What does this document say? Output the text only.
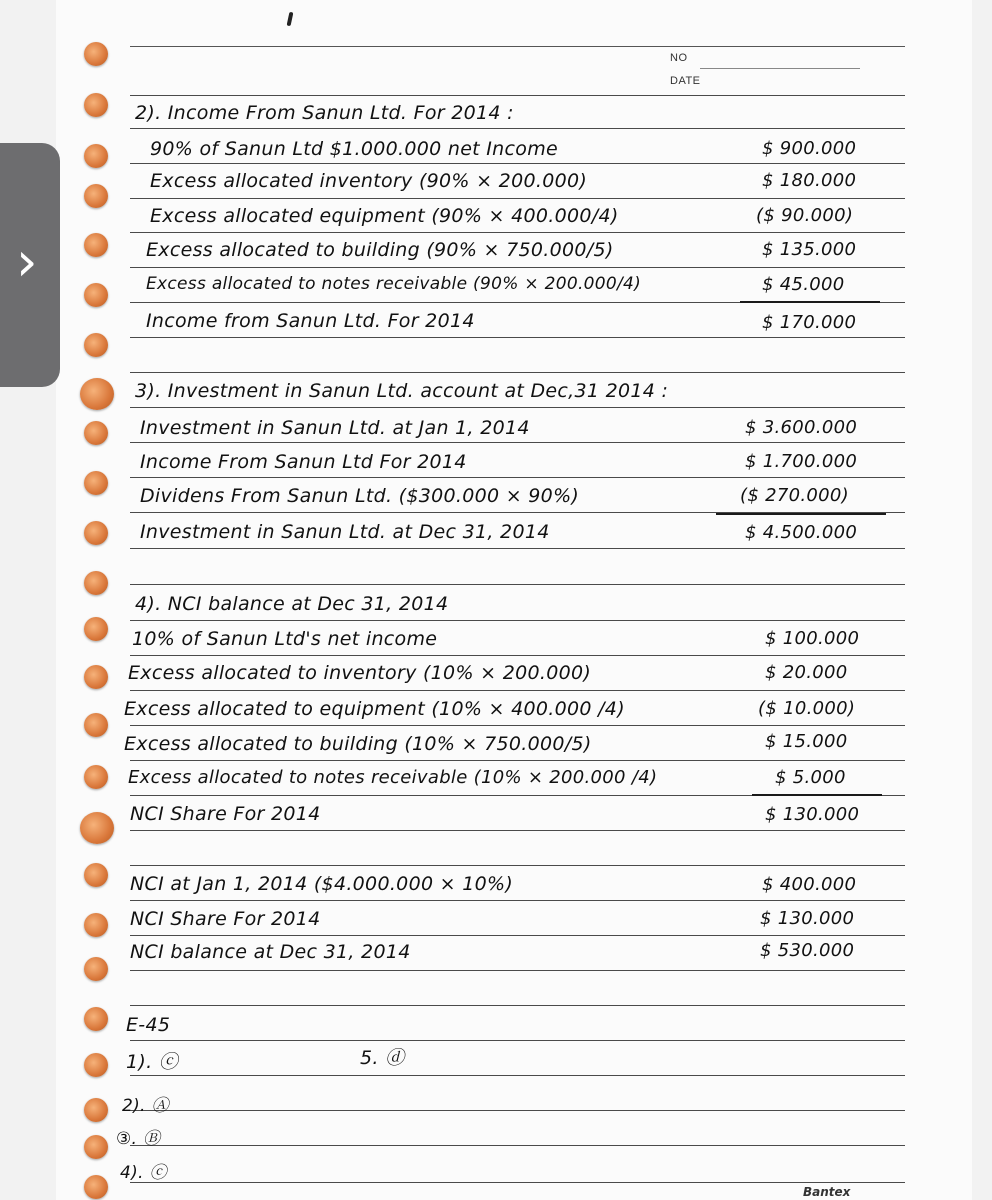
›
NO
DATE
2). Income From Sanun Ltd. For 2014 :
90% of Sanun Ltd $1.000.000 net Income	$ 900.000
Excess allocated inventory (90% × 200.000)	$ 180.000
Excess allocated equipment (90% × 400.000/4)	($ 90.000)
Excess allocated to building (90% × 750.000/5)	$ 135.000
Excess allocated to notes receivable (90% × 200.000/4)	$ 45.000
Income from Sanun Ltd. For 2014	$ 170.000
3). Investment in Sanun Ltd. account at Dec,31 2014 :
Investment in Sanun Ltd. at Jan 1, 2014	$ 3.600.000
Income From Sanun Ltd For 2014	$ 1.700.000
Dividens From Sanun Ltd. ($300.000 × 90%)	($ 270.000)
Investment in Sanun Ltd. at Dec 31, 2014	$ 4.500.000
4). NCI balance at Dec 31, 2014
10% of Sanun Ltd's net income	$ 100.000
Excess allocated to inventory (10% × 200.000)	$ 20.000
Excess allocated to equipment (10% × 400.000 /4)	($ 10.000)
Excess allocated to building (10% × 750.000/5)	$ 15.000
Excess allocated to notes receivable (10% × 200.000 /4)	$ 5.000
NCI Share For 2014	$ 130.000
NCI at Jan 1, 2014 ($4.000.000 × 10%)	$ 400.000
NCI Share For 2014	$ 130.000
NCI balance at Dec 31, 2014	$ 530.000
E-45
1). ⓒ	5. ⓓ
2). Ⓐ
③. Ⓑ
4). ⓒ
Bantex
